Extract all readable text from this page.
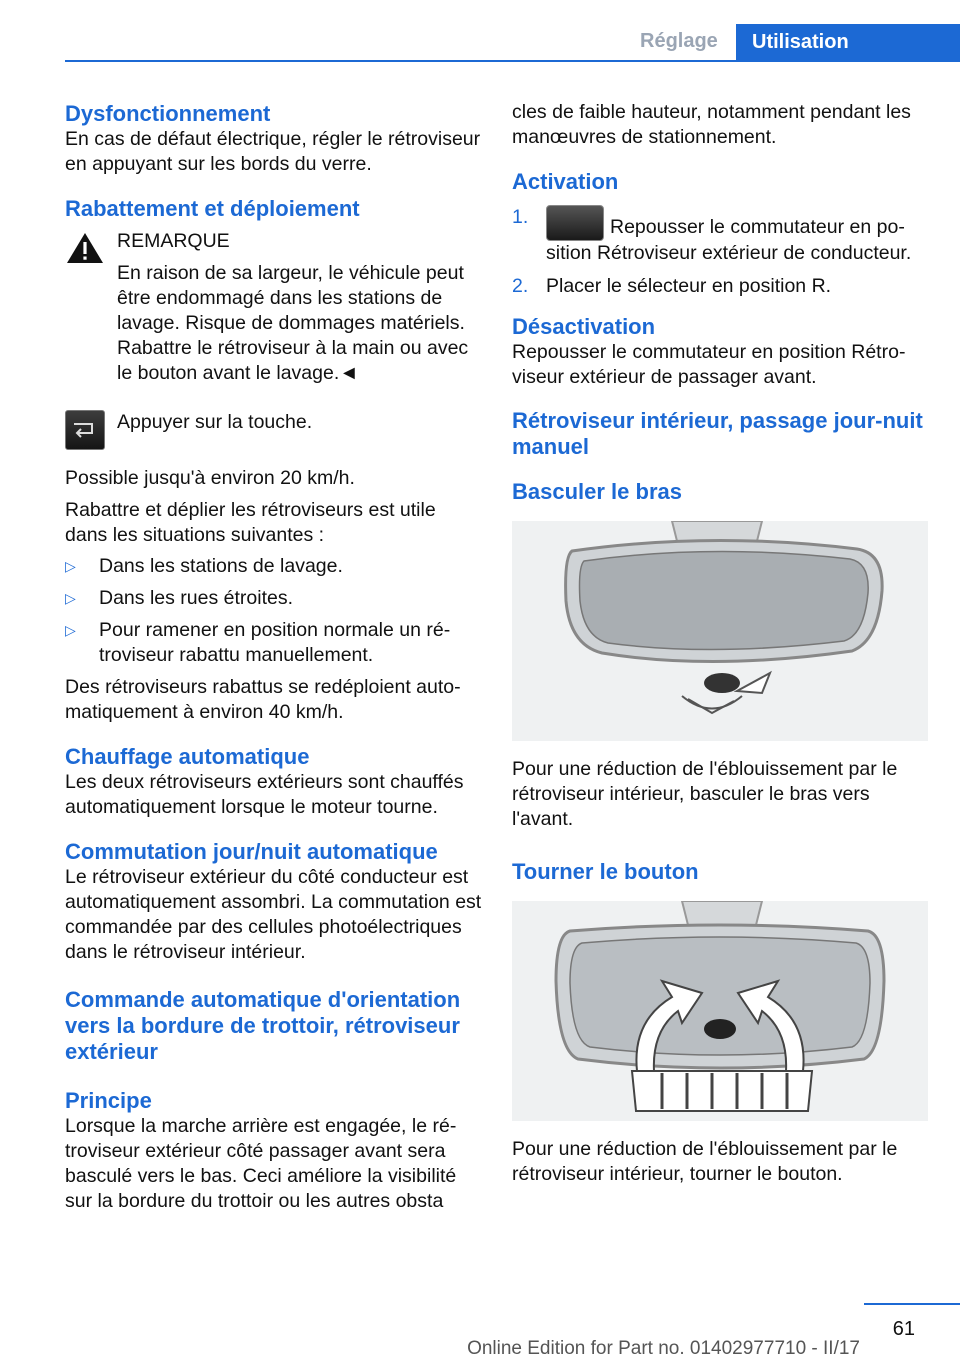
Réglage	Utilisation
Dysfonctionnement

En cas de défaut électrique, régler le rétroviseur en appuyant sur les bords du verre.

Rabattement et déploiement

REMARQUE

En raison de sa largeur, le véhicule peut être endommagé dans les stations de lavage. Risque de dommages matériels. Rabattre le rétroviseur à la main ou avec le bouton avant le lavage.◄

Appuyer sur la touche.

Possible jusqu'à environ 20 km/h.

Rabattre et déplier les rétroviseurs est utile dans les situations suivantes :

▷ Dans les stations de lavage.
▷ Dans les rues étroites.
▷ Pour ramener en position normale un rétroviseur rabattu manuellement.

Des rétroviseurs rabattus se redéploient automatiquement à environ 40 km/h.

Chauffage automatique

Les deux rétroviseurs extérieurs sont chauffés automatiquement lorsque le moteur tourne.

Commutation jour/nuit automatique

Le rétroviseur extérieur du côté conducteur est automatiquement assombri. La commutation est commandée par des cellules photoélectriques dans le rétroviseur intérieur.

Commande automatique d'orientation vers la bordure de trottoir, rétroviseur extérieur
Principe

Lorsque la marche arrière est engagée, le rétroviseur extérieur côté passager avant sera basculé vers le bas. Ceci améliore la visibilité sur la bordure du trottoir ou les autres obsta

cles de faible hauteur, notamment pendant les manœuvres de stationnement.

Activation
1.	Repousser le commutateur en position Rétroviseur extérieur de conducteur.
2. Placer le sélecteur en position R.
Désactivation

Repousser le commutateur en position Rétroviseur extérieur de passager avant.

Rétroviseur intérieur, passage jour-nuit manuel
Basculer le bras

Pour une réduction de l'éblouissement par le rétroviseur intérieur, basculer le bras vers l'avant.

Tourner le bouton

Pour une réduction de l'éblouissement par le rétroviseur intérieur, tourner le bouton.

61
Online Edition for Part no. 01402977710 - II/17
